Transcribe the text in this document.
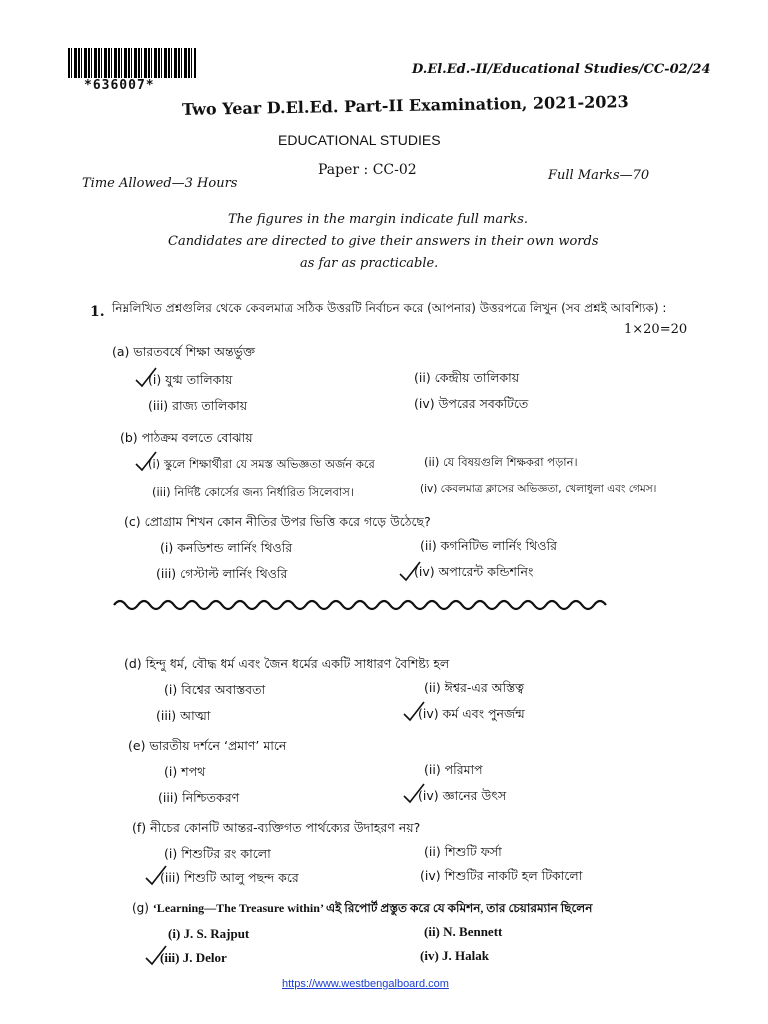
*636007*
D.El.Ed.-II/Educational Studies/CC-02/24
Two Year D.El.Ed. Part-II Examination, 2021-2023
EDUCATIONAL STUDIES
Paper : CC-02
Time Allowed—3 Hours
Full Marks—70
The figures in the margin indicate full marks.
Candidates are directed to give their answers in their own words
as far as practicable.
1. নিম্নলিখিত প্রশ্নগুলির থেকে কেবলমাত্র সঠিক উত্তরটি নির্বাচন করে (আপনার) উত্তরপত্রে লিখুন (সব প্রশ্নই আবশ্যিক) :
1×20=20
(a) ভারতবর্ষে শিক্ষা অন্তর্ভুক্ত
(i) যুগ্ম তালিকায়	(ii) কেন্দ্রীয় তালিকায়
(iii) রাজ্য তালিকায়	(iv) উপরের সবকটিতে
(b) পাঠক্রম বলতে বোঝায়
(i) স্কুলে শিক্ষার্থীরা যে সমস্ত অভিজ্ঞতা অর্জন করে	(ii) যে বিষয়গুলি শিক্ষকরা পড়ান।
(iii) নির্দিষ্ট কোর্সের জন্য নির্ধারিত সিলেবাস।	(iv) কেবলমাত্র ক্লাসের অভিজ্ঞতা, খেলাধুলা এবং গেমস।
(c) প্রোগ্রাম শিখন কোন নীতির উপর ভিত্তি করে গড়ে উঠেছে?
(i) কনডিশন্ড লার্নিং থিওরি	(ii) কগনিটিভ লার্নিং থিওরি
(iii) গেস্টাল্ট লার্নিং থিওরি	(iv) অপারেন্ট কন্ডিশনিং
(d) হিন্দু ধর্ম, বৌদ্ধ ধর্ম এবং জৈন ধর্মের একটি সাধারণ বৈশিষ্ট্য হল
(i) বিশ্বের অবাস্তবতা	(ii) ঈশ্বর-এর অস্তিত্ব
(iii) আত্মা	(iv) কর্ম এবং পুনর্জন্ম
(e) ভারতীয় দর্শনে ‘প্রমাণ’ মানে
(i) শপথ	(ii) পরিমাপ
(iii) নিশ্চিতকরণ	(iv) জ্ঞানের উৎস
(f) নীচের কোনটি আন্তর-ব্যক্তিগত পার্থক্যের উদাহরণ নয়?
(i) শিশুটির রং কালো	(ii) শিশুটি ফর্সা
(iii) শিশুটি আলু পছন্দ করে	(iv) শিশুটির নাকটি হল টিকালো
(g) ‘Learning—The Treasure within’ এই রিপোর্ট প্রস্তুত করে যে কমিশন, তার চেয়ারম্যান ছিলেন
(i) J. S. Rajput	(ii) N. Bennett
(iii) J. Delor	(iv) J. Halak
https://www.westbengalboard.com
